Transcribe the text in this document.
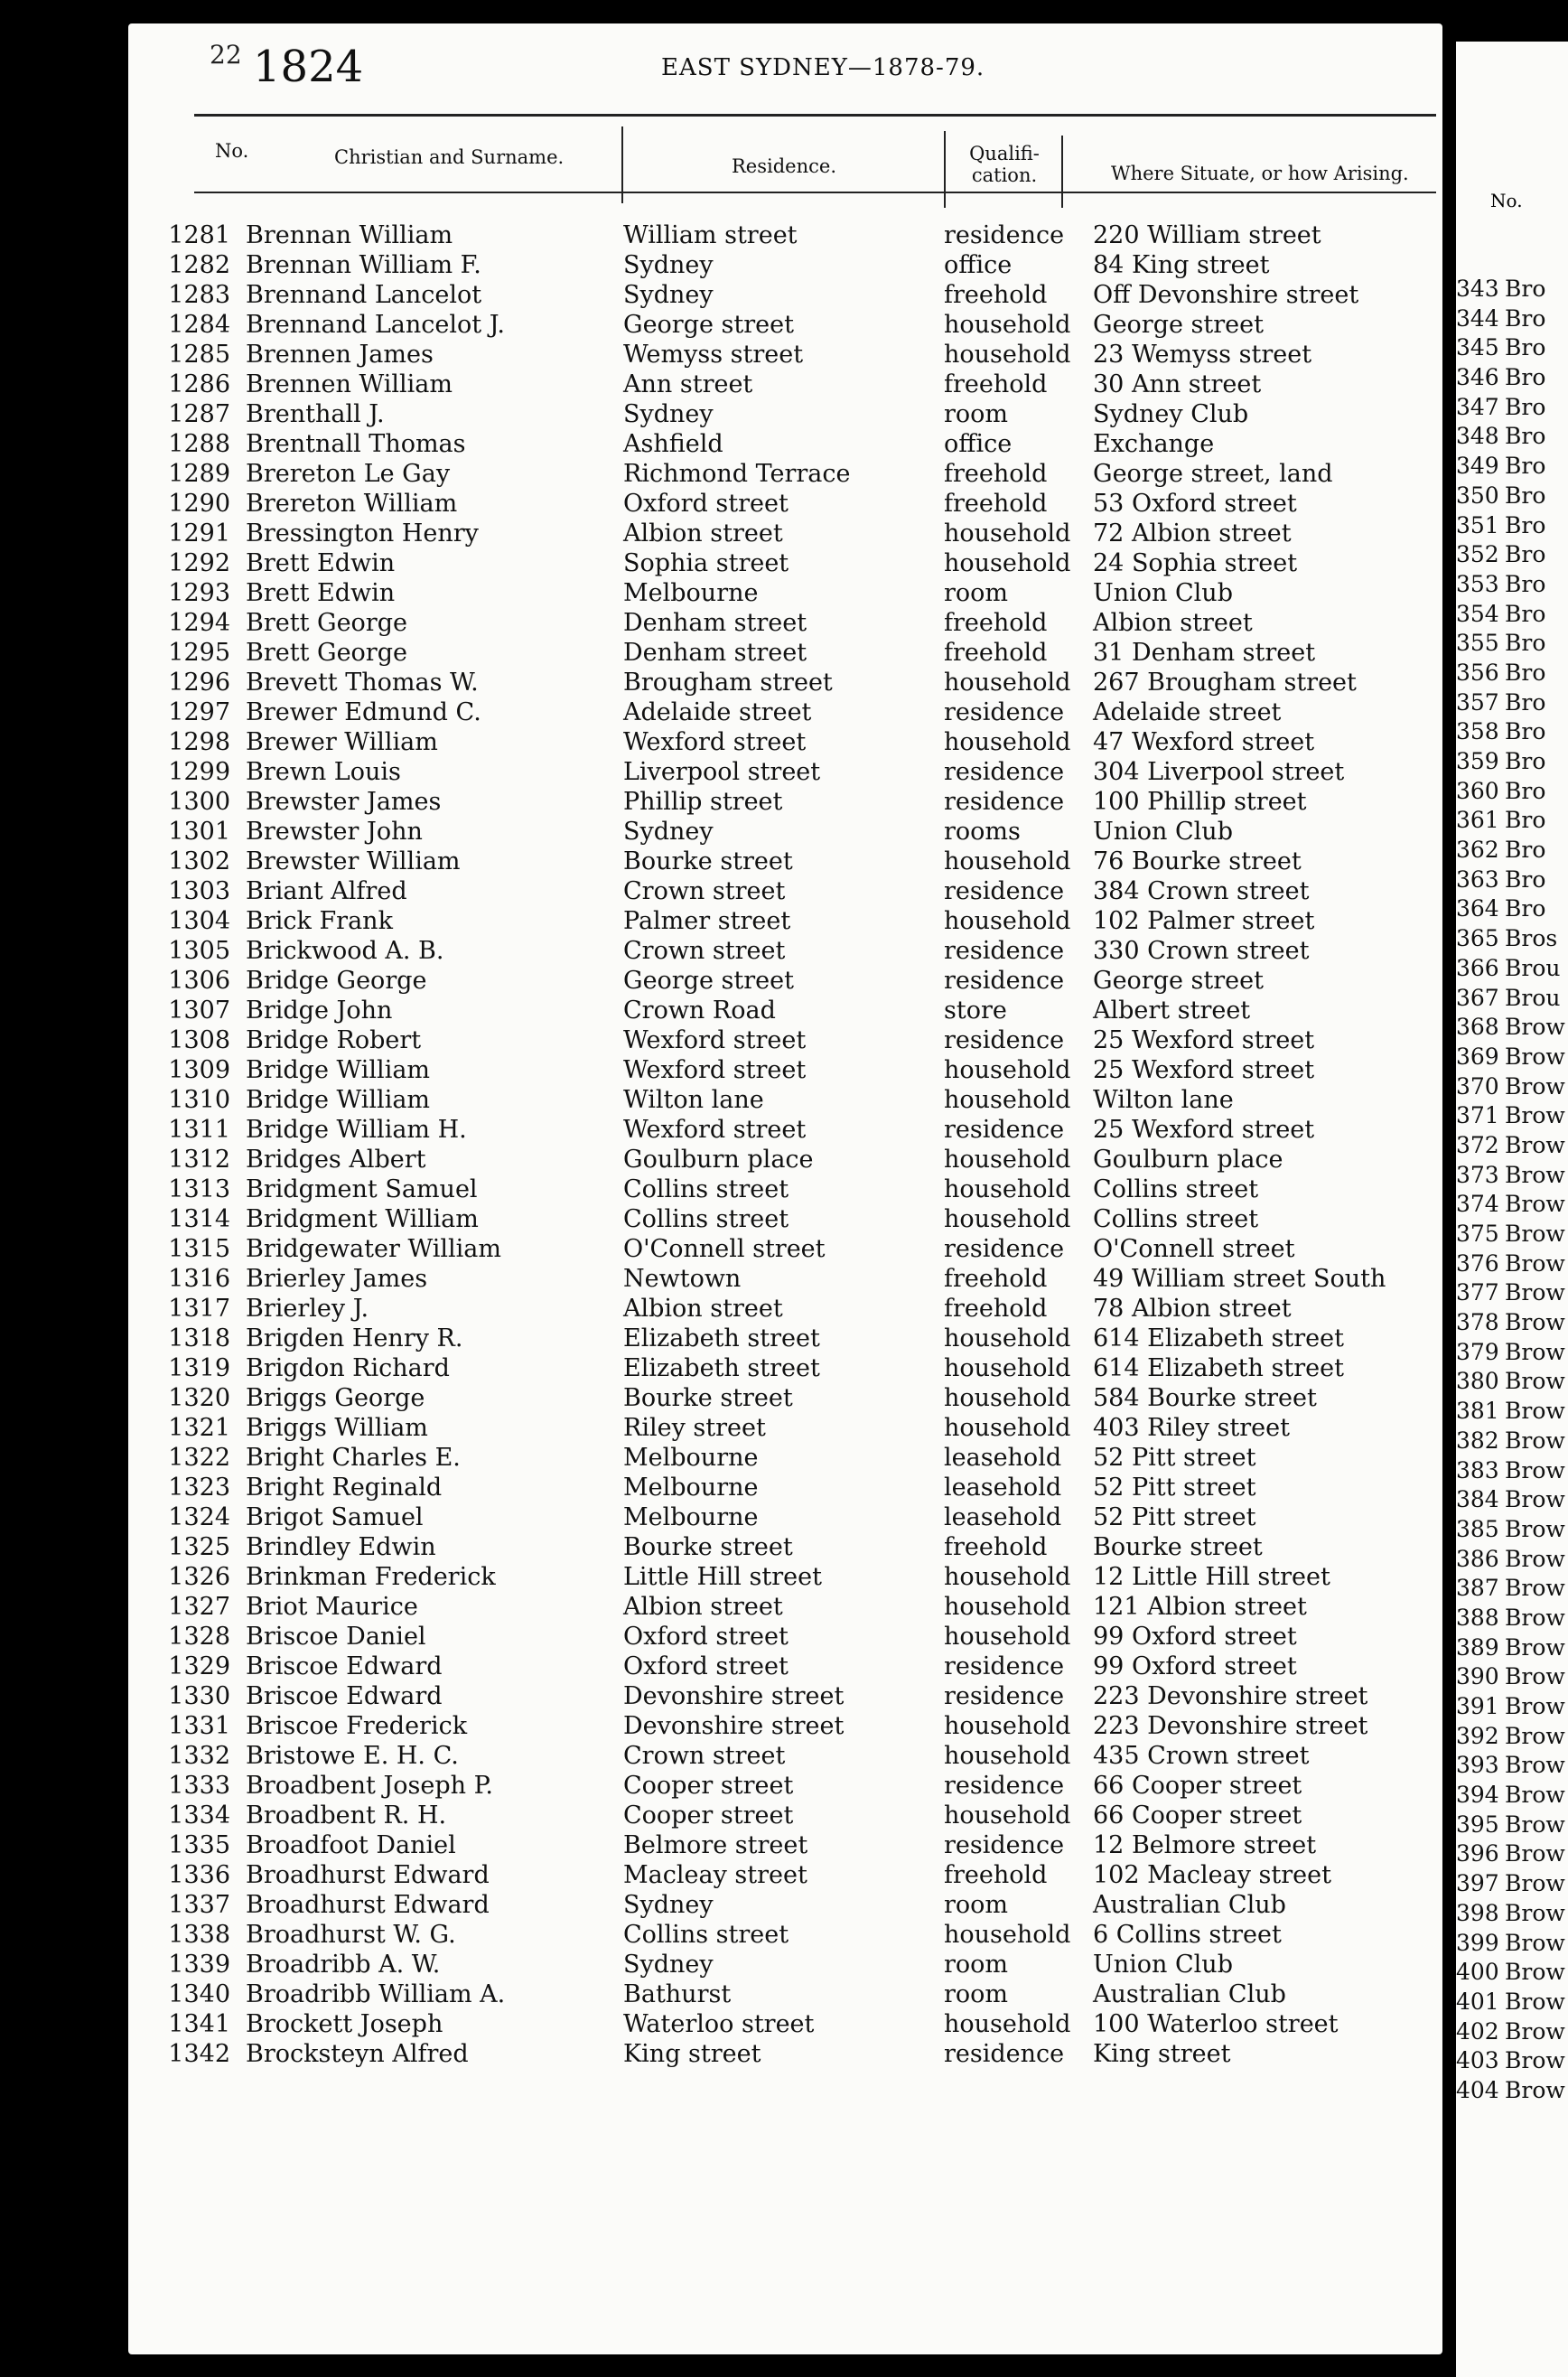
22 1824	EAST SYDNEY—1878-79.
No.	Christian and Surname.	Residence.
Qualifi-cation.	Where Situate, or how Arising.
1281 Brennan William	William street	residence 220 William street
1282 Brennan William F.	Sydney	office	84 King street
1283 Brennand Lancelot	Sydney	freehold Off Devonshire street
1284 Brennand Lancelot J.	George street	household George street
1285 Brennen James	Wemyss street	household 23 Wemyss street
1286 Brennen William	Ann street	freehold 30 Ann street
1287 Brenthall J.	Sydney	room	Sydney Club
1288 Brentnall Thomas	Ashfield	office	Exchange
1289 Brereton Le Gay	Richmond Terrace	freehold George street, land
1290 Brereton William	Oxford street	freehold 53 Oxford street
1291 Bressington Henry	Albion street	household 72 Albion street
1292 Brett Edwin	Sophia street	household 24 Sophia street
1293 Brett Edwin	Melbourne	room	Union Club
1294 Brett George	Denham street	freehold Albion street
1295 Brett George	Denham street	freehold 31 Denham street
1296 Brevett Thomas W.	Brougham street	household 267 Brougham street
1297 Brewer Edmund C.	Adelaide street	residence Adelaide street
1298 Brewer William	Wexford street	household 47 Wexford street
1299 Brewn Louis	Liverpool street	residence 304 Liverpool street
1300 Brewster James	Phillip street	residence 100 Phillip street
1301 Brewster John	Sydney	rooms	Union Club
1302 Brewster William	Bourke street	household 76 Bourke street
1303 Briant Alfred	Crown street	residence 384 Crown street
1304 Brick Frank	Palmer street	household 102 Palmer street
1305 Brickwood A. B.	Crown street	residence 330 Crown street
1306 Bridge George	George street	residence George street
1307 Bridge John	Crown Road	store	Albert street
1308 Bridge Robert	Wexford street	residence 25 Wexford street
1309 Bridge William	Wexford street	household 25 Wexford street
1310 Bridge William	Wilton lane	household Wilton lane
1311 Bridge William H.	Wexford street	residence 25 Wexford street
1312 Bridges Albert	Goulburn place	household Goulburn place
1313 Bridgment Samuel	Collins street	household Collins street
1314 Bridgment William	Collins street	household Collins street
1315 Bridgewater William	O'Connell street	residence O'Connell street
1316 Brierley James	Newtown	freehold 49 William street South
1317 Brierley J.	Albion street	freehold 78 Albion street
1318 Brigden Henry R.	Elizabeth street	household 614 Elizabeth street
1319 Brigdon Richard	Elizabeth street	household 614 Elizabeth street
1320 Briggs George	Bourke street	household 584 Bourke street
1321 Briggs William	Riley street	household 403 Riley street
1322 Bright Charles E.	Melbourne	leasehold 52 Pitt street
1323 Bright Reginald	Melbourne	leasehold 52 Pitt street
1324 Brigot Samuel	Melbourne	leasehold 52 Pitt street
1325 Brindley Edwin	Bourke street	freehold Bourke street
1326 Brinkman Frederick	Little Hill street	household 12 Little Hill street
1327 Briot Maurice	Albion street	household 121 Albion street
1328 Briscoe Daniel	Oxford street	household 99 Oxford street
1329 Briscoe Edward	Oxford street	residence 99 Oxford street
1330 Briscoe Edward	Devonshire street	residence 223 Devonshire street
1331 Briscoe Frederick	Devonshire street	household 223 Devonshire street
1332 Bristowe E. H. C.	Crown street	household 435 Crown street
1333 Broadbent Joseph P.	Cooper street	residence 66 Cooper street
1334 Broadbent R. H.	Cooper street	household 66 Cooper street
1335 Broadfoot Daniel	Belmore street	residence 12 Belmore street
1336 Broadhurst Edward	Macleay street	freehold 102 Macleay street
1337 Broadhurst Edward	Sydney	room	Australian Club
1338 Broadhurst W. G.	Collins street	household 6 Collins street
1339 Broadribb A. W.	Sydney	room	Union Club
1340 Broadribb William A.	Bathurst	room	Australian Club
1341 Brockett Joseph	Waterloo street	household 100 Waterloo street
1342 Brocksteyn Alfred	King street	residence King street
No.
343 Bro
344 Bro
345 Bro
346 Bro
347 Bro
348 Bro
349 Bro
350 Bro
351 Bro
352 Bro
353 Bro
354 Bro
355 Bro
356 Bro
357 Bro
358 Bro
359 Bro
360 Bro
361 Bro
362 Bro
363 Bro
364 Bro
365 Bros
366 Brou
367 Brou
368 Brow
369 Brow
370 Brow
371 Brow
372 Brow
373 Brow
374 Brow
375 Brow
376 Brow
377 Brow
378 Brow
379 Brow
380 Brow
381 Brow
382 Brow
383 Brow
384 Brow
385 Brow
386 Brow
387 Brow
388 Brow
389 Brow
390 Brow
391 Brow
392 Brow
393 Brow
394 Brow
395 Brow
396 Brow
397 Brow
398 Brow
399 Brow
400 Brow
401 Brow
402 Brow
403 Brow
404 Brow
